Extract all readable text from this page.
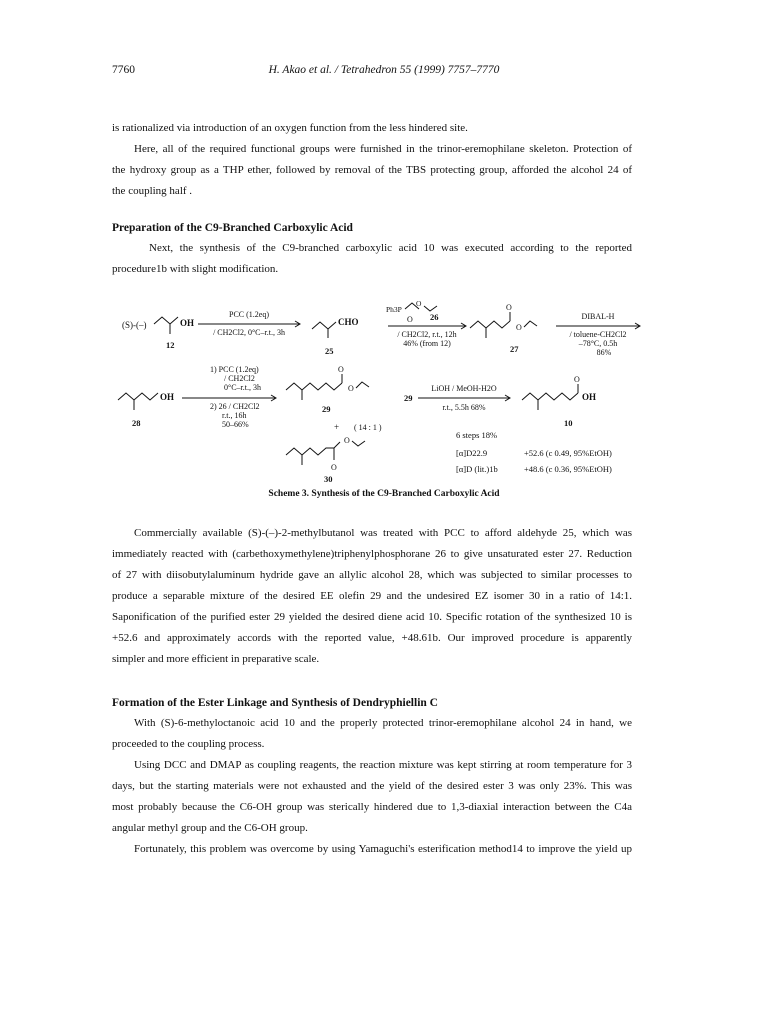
7760	H. Akao et al. / Tetrahedron 55 (1999) 7757–7770
is rationalized via introduction of an oxygen function from the less hindered site.
Here, all of the required functional groups were furnished in the trinor-eremophilane skeleton. Protection of
the hydroxy group as a THP ether, followed by removal of the TBS protecting group, afforded the alcohol 24 of
the coupling half .
Preparation of the C9-Branched Carboxylic Acid
Next, the synthesis of the C9-branched carboxylic acid 10 was executed according to the reported
procedure1b with slight modification.
(S)-(–)	OH
12
PCC (1.2eq)
/ CH2Cl2, 0°C–r.t., 3h
CHO
25
Ph3P
O
O 26
/ CH2Cl2, r.t., 12h
46% (from 12)
O
O
27
DIBAL-H
/ toluene-CH2Cl2
–78°C, 0.5h
86%
OH
28
1) PCC (1.2eq)
/ CH2Cl2
0°C–r.t., 3h
2) 26 / CH2Cl2
r.t., 16h
50–66%
O
O
29
+ ( 14 : 1 )
O
O
30
29
LiOH / MeOH-H2O
r.t., 5.5h 68%
O
OH
10
6 steps 18%
[α]D22.9	+52.6 (c 0.49, 95%EtOH)
[α]D (lit.)1b	+48.6 (c 0.36, 95%EtOH)
Scheme 3. Synthesis of the C9-Branched Carboxylic Acid
Commercially available (S)-(–)-2-methylbutanol was treated with PCC to afford aldehyde 25, which was
immediately reacted with (carbethoxymethylene)triphenylphosphorane 26 to give unsaturated ester 27. Reduction
of 27 with diisobutylaluminum hydride gave an allylic alcohol 28, which was subjected to similar processes to
produce a separable mixture of the desired EE olefin 29 and the undesired EZ isomer 30 in a ratio of 14:1.
Saponification of the purified ester 29 yielded the desired diene acid 10. Specific rotation of the synthesized 10 is
+52.6 and approximately accords with the reported value, +48.61b. Our improved procedure is apparently
simpler and more efficient in preparative scale.
Formation of the Ester Linkage and Synthesis of Dendryphiellin C
With (S)-6-methyloctanoic acid 10 and the properly protected trinor-eremophilane alcohol 24 in hand, we
proceeded to the coupling process.
Using DCC and DMAP as coupling reagents, the reaction mixture was kept stirring at room temperature for 3
days, but the starting materials were not exhausted and the yield of the desired ester 3 was only 23%. This was
most probably because the C6-OH group was sterically hindered due to 1,3-diaxial interaction between the C4a
angular methyl group and the C6-OH group.
Fortunately, this problem was overcome by using Yamaguchi's esterification method14 to improve the yield up
